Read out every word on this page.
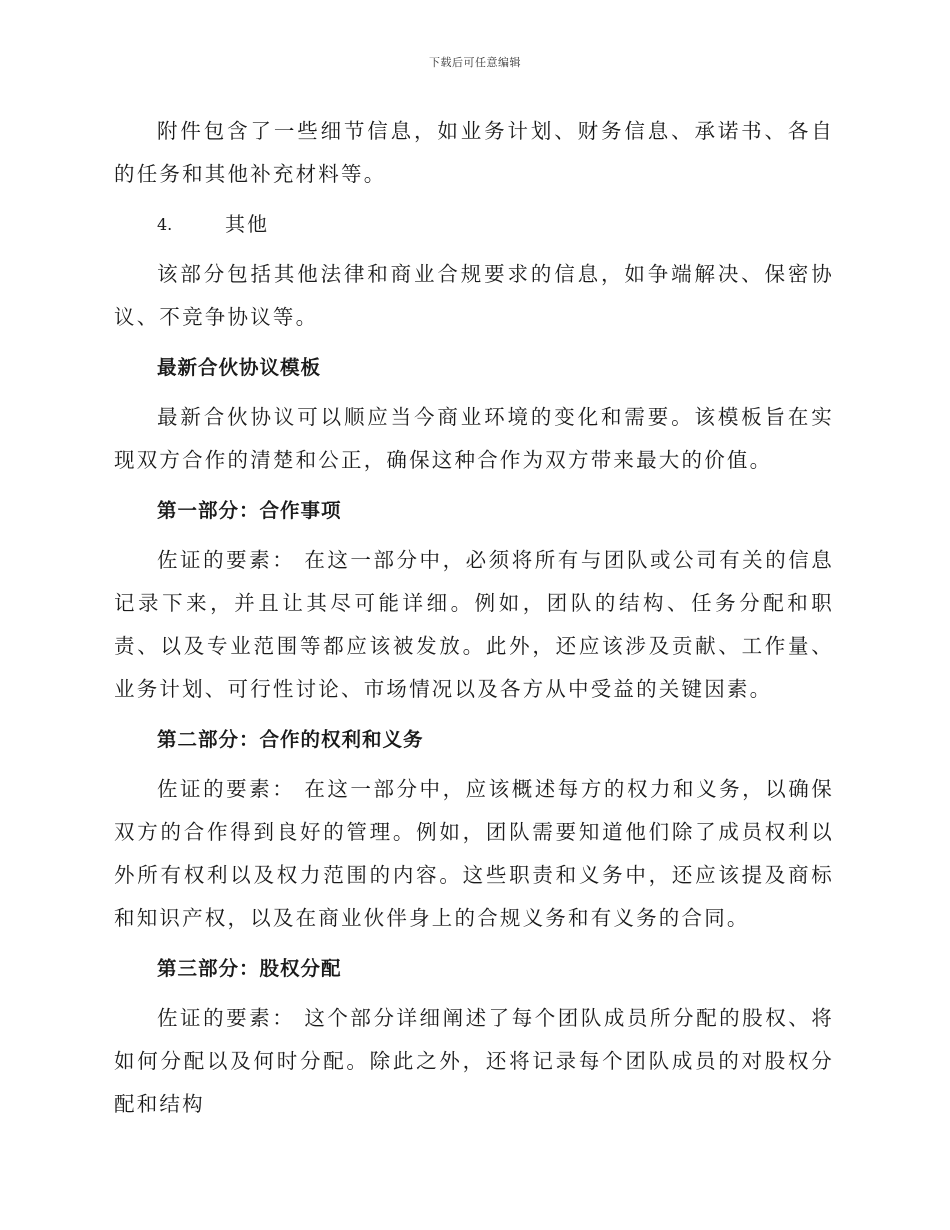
下载后可任意编辑

附件包含了一些细节信息，如业务计划、财务信息、承诺书、各自的任务和其他补充材料等。

4.	其他

该部分包括其他法律和商业合规要求的信息，如争端解决、保密协议、不竞争协议等。

最新合伙协议模板

最新合伙协议可以顺应当今商业环境的变化和需要。该模板旨在实现双方合作的清楚和公正，确保这种合作为双方带来最大的价值。

第一部分：合作事项

佐证的要素： 在这一部分中，必须将所有与团队或公司有关的信息记录下来，并且让其尽可能详细。例如，团队的结构、任务分配和职责、以及专业范围等都应该被发放。此外，还应该涉及贡献、工作量、业务计划、可行性讨论、市场情况以及各方从中受益的关键因素。

第二部分：合作的权利和义务

佐证的要素： 在这一部分中，应该概述每方的权力和义务，以确保双方的合作得到良好的管理。例如，团队需要知道他们除了成员权利以外所有权利以及权力范围的内容。这些职责和义务中，还应该提及商标和知识产权，以及在商业伙伴身上的合规义务和有义务的合同。

第三部分：股权分配

佐证的要素： 这个部分详细阐述了每个团队成员所分配的股权、将如何分配以及何时分配。除此之外，还将记录每个团队成员的对股权分配和结构
